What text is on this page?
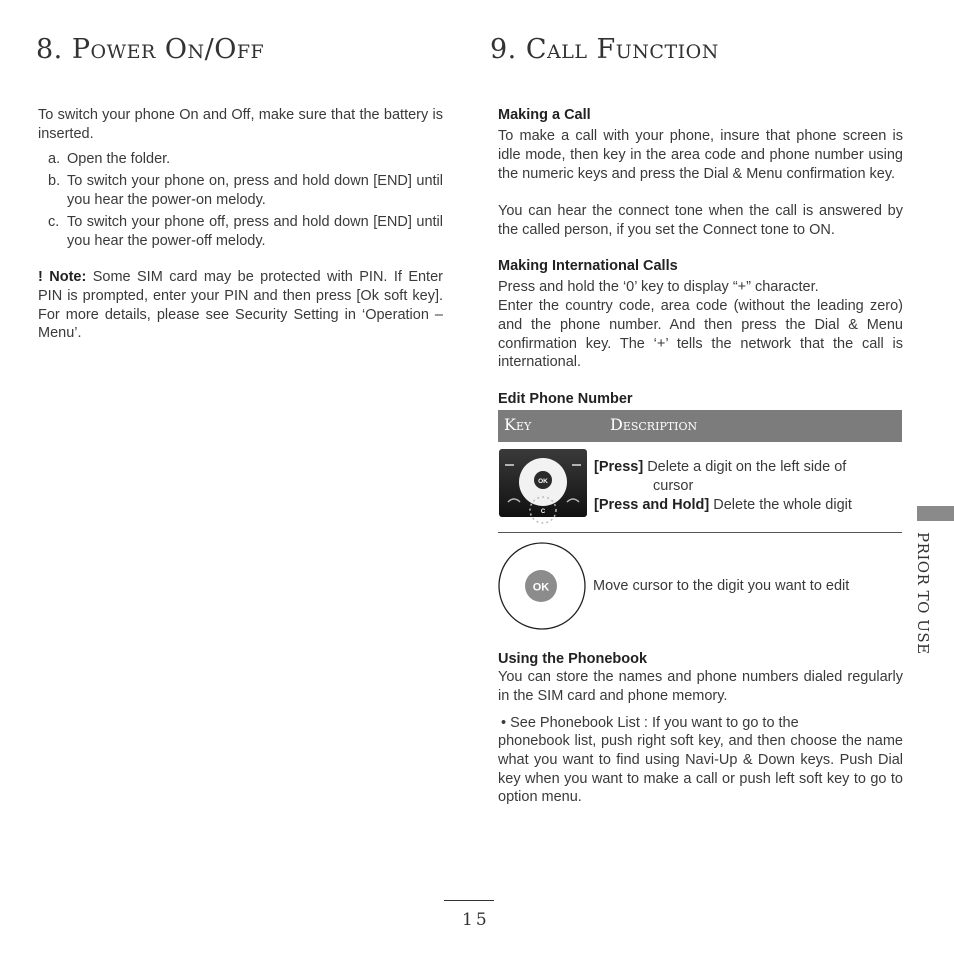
8. Power On/Off

To switch your phone On and Off, make sure that the battery is inserted.

a. Open the folder.
b. To switch your phone on, press and hold down [END] until you hear the power-on melody.
c. To switch your phone off, press and hold down [END] until you hear the power-off melody.

! Note: Some SIM card may be protected with PIN. If Enter PIN is prompted, enter your PIN and then press [Ok soft key]. For more details, please see Security Setting in ‘Operation – Menu’.

9. Call Function

Making a Call

To make a call with your phone, insure that phone screen is idle mode, then key in the area code and phone number using the numeric keys and press the Dial & Menu confirmation key.

You can hear the connect tone when the call is answered by the called person, if you set the Connect tone to ON.

Making International Calls

Press and hold the ‘0’ key to display “+” character.

Enter the country code, area code (without the leading zero) and the phone number. And then press the Dial & Menu confirmation key. The ‘+’ tells the network that the call is international.

Edit Phone Number

Key	Description
OK
C
[Press] Delete a digit on the left side of
cursor
[Press and Hold] Delete the whole digit
OK	Move cursor to the digit you want to edit

Using the Phonebook

You can store the names and phone numbers dialed regularly in the SIM card and phone memory.

• See Phonebook List : If you want to go to the

phonebook list, push right soft key, and then choose the name what you want to find using Navi-Up & Down keys. Push Dial key when you want to make a call or push left soft key to go to option menu.

PRIOR TO USE
15
